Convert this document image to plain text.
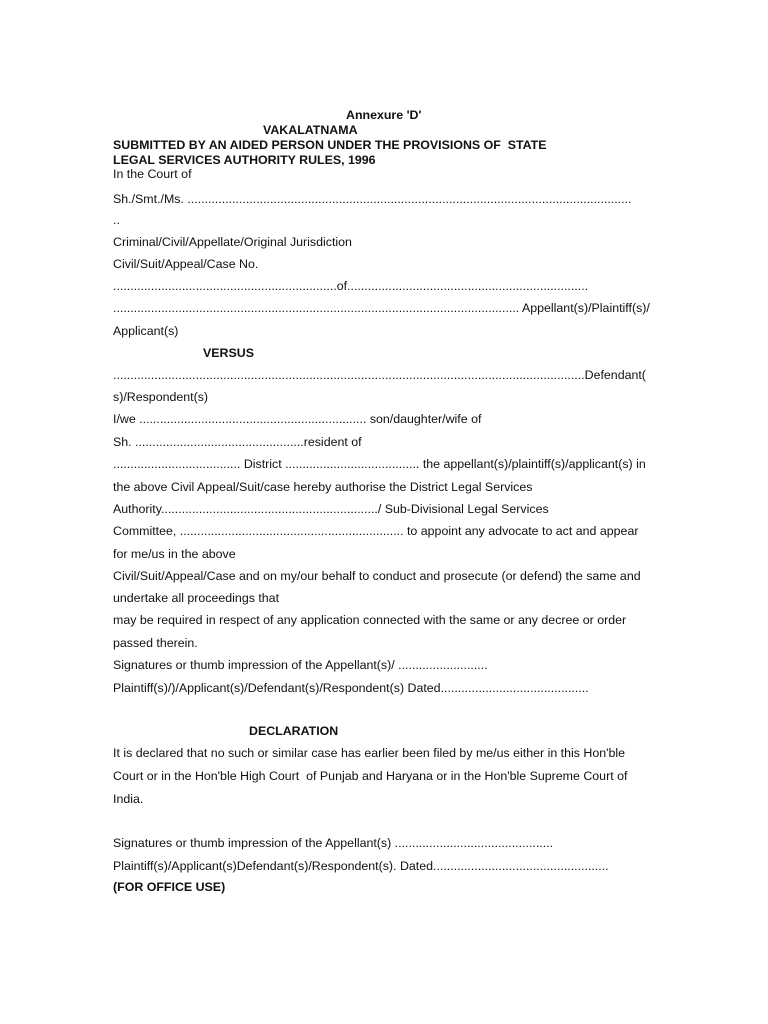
Annexure 'D'
VAKALATNAMA
SUBMITTED BY AN AIDED PERSON UNDER THE PROVISIONS OF  STATE
LEGAL SERVICES AUTHORITY RULES, 1996
In the Court of
Sh./Smt./Ms. .................................................................................................................................
..
Criminal/Civil/Appellate/Original Jurisdiction
Civil/Suit/Appeal/Case No.
.................................................................of......................................................................
...................................................................................................................... Appellant(s)/Plaintiff(s)/
Applicant(s)
VERSUS
.........................................................................................................................................Defendant(
s)/Respondent(s)
I/we .................................................................. son/daughter/wife of
Sh. .................................................resident of
..................................... District ....................................... the appellant(s)/plaintiff(s)/applicant(s) in
the above Civil Appeal/Suit/case hereby authorise the District Legal Services
Authority.............................................................../ Sub-Divisional Legal Services
Committee, ................................................................. to appoint any advocate to act and appear
for me/us in the above
Civil/Suit/Appeal/Case and on my/our behalf to conduct and prosecute (or defend) the same and
undertake all proceedings that
may be required in respect of any application connected with the same or any decree or order
passed therein.
Signatures or thumb impression of the Appellant(s)/ ..........................
Plaintiff(s)/)/Applicant(s)/Defendant(s)/Respondent(s) Dated...........................................
DECLARATION
It is declared that no such or similar case has earlier been filed by me/us either in this Hon'ble
Court or in the Hon'ble High Court  of Punjab and Haryana or in the Hon'ble Supreme Court of
India.
Signatures or thumb impression of the Appellant(s) ..............................................
Plaintiff(s)/Applicant(s)Defendant(s)/Respondent(s). Dated...................................................
(FOR OFFICE USE)
